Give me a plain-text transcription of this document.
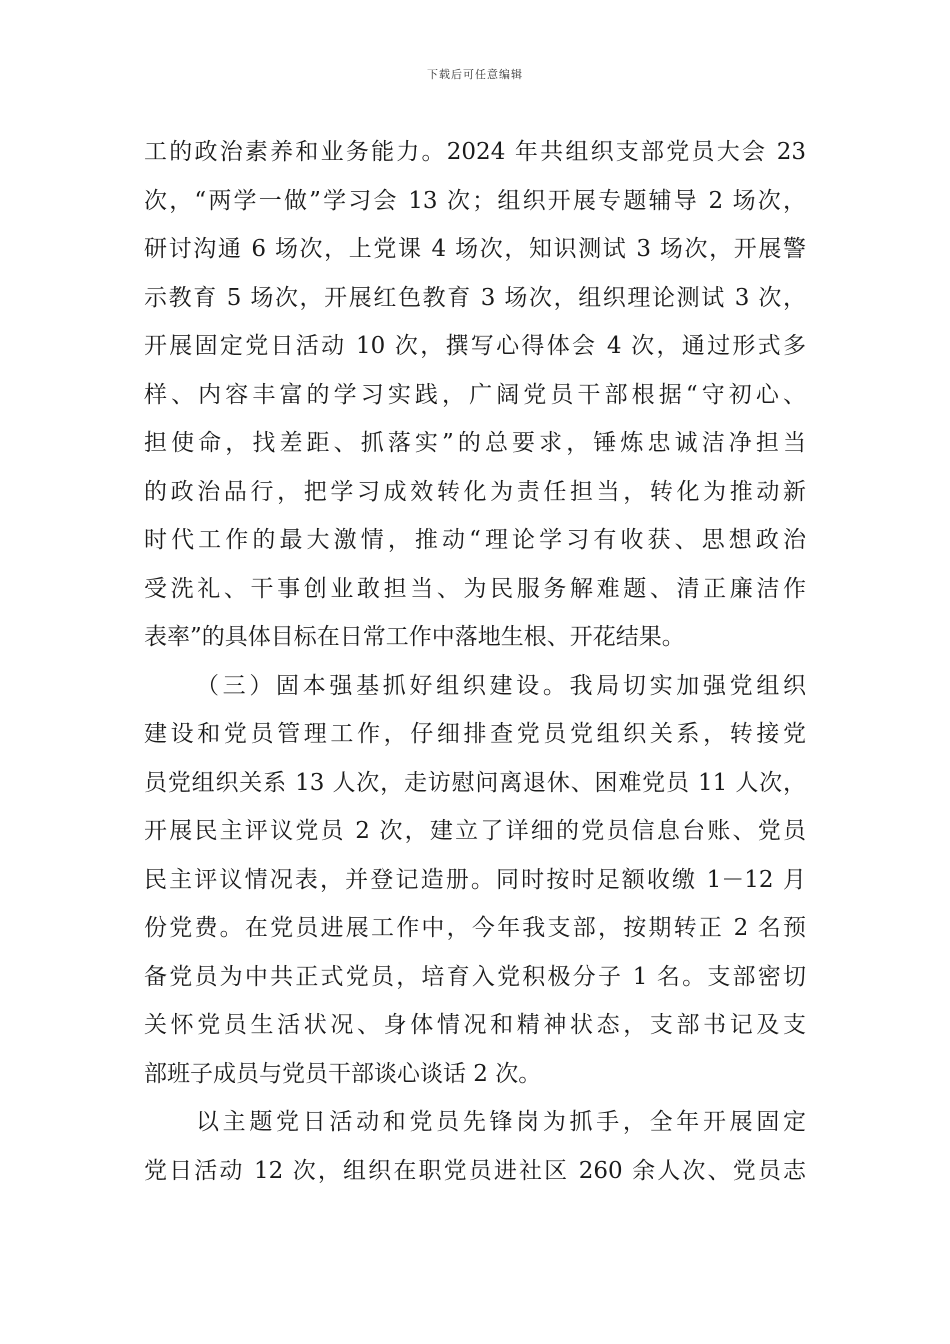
下载后可任意编辑
工的政治素养和业务能力。2024 年共组织支部党员大会 23
次，“两学一做”学习会 13 次；组织开展专题辅导 2 场次，
研讨沟通 6 场次，上党课 4 场次，知识测试 3 场次，开展警
示教育 5 场次，开展红色教育 3 场次，组织理论测试 3 次，
开展固定党日活动 10 次，撰写心得体会 4 次，通过形式多
样、内容丰富的学习实践，广阔党员干部根据“守初心、
担使命，找差距、抓落实”的总要求，锤炼忠诚洁净担当
的政治品行，把学习成效转化为责任担当，转化为推动新
时代工作的最大激情，推动“理论学习有收获、思想政治
受洗礼、干事创业敢担当、为民服务解难题、清正廉洁作
表率”的具体目标在日常工作中落地生根、开花结果。
（三）固本强基抓好组织建设。我局切实加强党组织
建设和党员管理工作，仔细排查党员党组织关系，转接党
员党组织关系 13 人次，走访慰问离退休、困难党员 11 人次，
开展民主评议党员 2 次，建立了详细的党员信息台账、党员
民主评议情况表，并登记造册。同时按时足额收缴 1－12 月
份党费。在党员进展工作中，今年我支部，按期转正 2 名预
备党员为中共正式党员，培育入党积极分子 1 名。支部密切
关怀党员生活状况、身体情况和精神状态，支部书记及支
部班子成员与党员干部谈心谈话 2 次。
以主题党日活动和党员先锋岗为抓手，全年开展固定
党日活动 12 次，组织在职党员进社区 260 余人次、党员志
